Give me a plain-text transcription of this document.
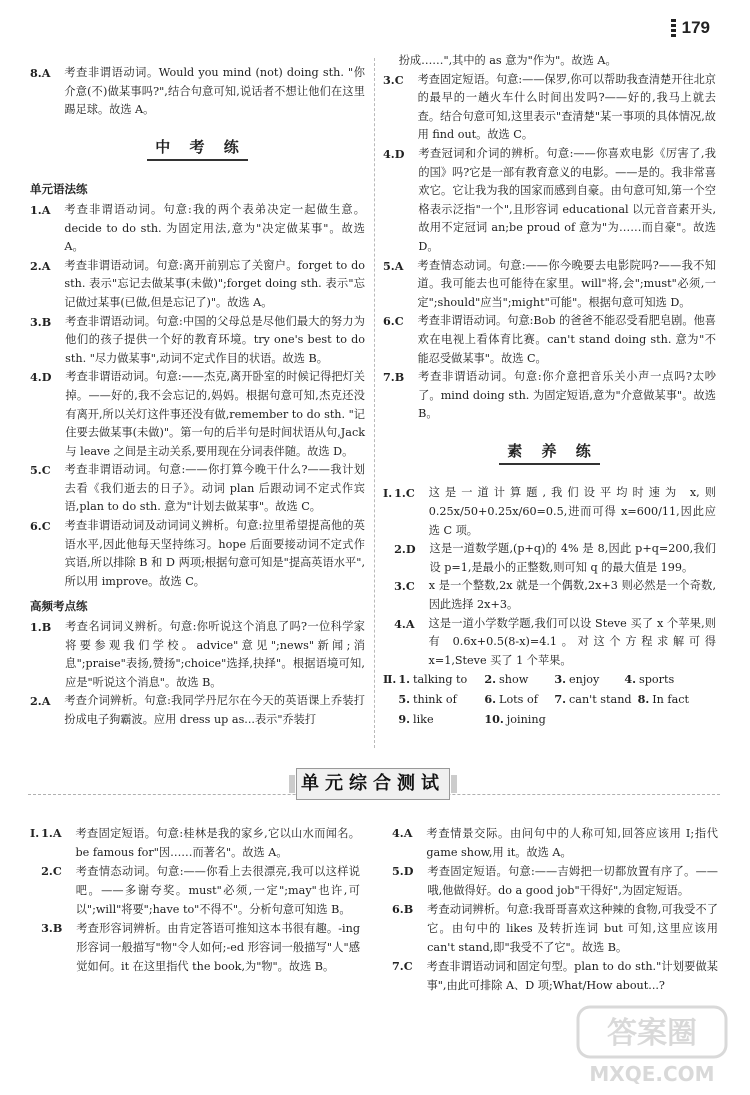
179
8.A	考查非谓语动词。Would you mind (not) doing sth. "你介意(不)做某事吗?",结合句意可知,说话者不想让他们在这里踢足球。故选 A。
中 考 练
单元语法练
1.A	考查非谓语动词。句意:我的两个表弟决定一起做生意。decide to do sth. 为固定用法,意为"决定做某事"。故选 A。
2.A	考查非谓语动词。句意:离开前别忘了关窗户。forget to do sth. 表示"忘记去做某事(未做)";forget doing sth. 表示"忘记做过某事(已做,但是忘记了)"。故选 A。
3.B	考查非谓语动词。句意:中国的父母总是尽他们最大的努力为他们的孩子提供一个好的教育环境。try one's best to do sth. "尽力做某事",动词不定式作目的状语。故选 B。
4.D	考查非谓语动词。句意:——杰克,离开卧室的时候记得把灯关掉。——好的,我不会忘记的,妈妈。根据句意可知,杰克还没有离开,所以关灯这件事还没有做,remember to do sth. "记住要去做某事(未做)"。第一句的后半句是时间状语从句,Jack 与 leave 之间是主动关系,要用现在分词表伴随。故选 D。
5.C	考查非谓语动词。句意:——你打算今晚干什么?——我计划去看《我们逝去的日子》。动词 plan 后跟动词不定式作宾语,plan to do sth. 意为"计划去做某事"。故选 C。
6.C	考查非谓语动词及动词词义辨析。句意:拉里希望提高他的英语水平,因此他每天坚持练习。hope 后面要接动词不定式作宾语,所以排除 B 和 D 两项;根据句意可知是"提高英语水平",所以用 improve。故选 C。
高频考点练
1.B	考查名词词义辨析。句意:你听说这个消息了吗?一位科学家将要参观我们学校。advice"意见";news"新闻;消息";praise"表扬,赞扬";choice"选择,抉择"。根据语境可知,应是"听说这个消息"。故选 B。
2.A	考查介词辨析。句意:我同学丹尼尔在今天的英语课上乔装打扮成电子狗霸波。应用 dress up as...表示"乔装打
扮成……",其中的 as 意为"作为"。故选 A。
3.C	考查固定短语。句意:——保罗,你可以帮助我查清楚开往北京的最早的一趟火车什么时间出发吗?——好的,我马上就去查。结合句意可知,这里表示"查清楚"某一事项的具体情况,故用 find out。故选 C。
4.D	考查冠词和介词的辨析。句意:——你喜欢电影《厉害了,我的国》吗?它是一部有教育意义的电影。——是的。我非常喜欢它。它让我为我的国家而感到自豪。由句意可知,第一个空格表示泛指"一个",且形容词 educational 以元音音素开头,故用不定冠词 an;be proud of 意为"为……而自豪"。故选 D。
5.A	考查情态动词。句意:——你今晚要去电影院吗?——我不知道。我可能去也可能待在家里。will"将,会";must"必须,一定";should"应当";might"可能"。根据句意可知选 D。
6.C	考查非谓语动词。句意:Bob 的爸爸不能忍受看肥皂剧。他喜欢在电视上看体育比赛。can't stand doing sth. 意为"不能忍受做某事"。故选 C。
7.B	考查非谓语动词。句意:你介意把音乐关小声一点吗?太吵了。mind doing sth. 为固定短语,意为"介意做某事"。故选 B。
素 养 练
Ⅰ. 1.C	这是一道计算题,我们设平均时速为 x,则 0.25x/50+0.25x/60=0.5,进而可得 x=600/11,因此应选 C 项。
2.D	这是一道数学题,(p+q)的 4% 是 8,因此 p+q=200,我们设 p=1,是最小的正整数,则可知 q 的最大值是 199。
3.C	x 是一个整数,2x 就是一个偶数,2x+3 则必然是一个奇数,因此选择 2x+3。
4.A	这是一道小学数学题,我们可以设 Steve 买了 x 个苹果,则有 0.6x+0.5(8-x)=4.1。对这个方程求解可得 x=1,Steve 买了 1 个苹果。
Ⅱ. 1. talking to	2. show	3. enjoy	4. sports
5. think of	6. Lots of	7. can't stand 8. In fact
9. like	10. joining
单元综合测试
Ⅰ. 1.A	考查固定短语。句意:桂林是我的家乡,它以山水而闻名。be famous for"因……而著名"。故选 A。
2.C	考查情态动词。句意:——你看上去很漂亮,我可以这样说吧。——多谢夸奖。must"必须,一定";may"也许,可以";will"将要";have to"不得不"。分析句意可知选 B。
3.B	考查形容词辨析。由肯定答语可推知这本书很有趣。-ing形容词一般描写"物"令人如何;-ed 形容词一般描写"人"感觉如何。it 在这里指代 the book,为"物"。故选 B。
4.A	考查情景交际。由问句中的人称可知,回答应该用 I;指代 game show,用 it。故选 A。
5.D	考查固定短语。句意:——吉姆把一切都放置有序了。——哦,他做得好。do a good job"干得好",为固定短语。
6.B	考查动词辨析。句意:我哥哥喜欢这种辣的食物,可我受不了它。由句中的 likes 及转折连词 but 可知,这里应该用 can't stand,即"我受不了它"。故选 B。
7.C	考查非谓语动词和固定句型。plan to do sth."计划要做某事",由此可排除 A、D 项;What/How about...?
答案圈
MXQE.COM
